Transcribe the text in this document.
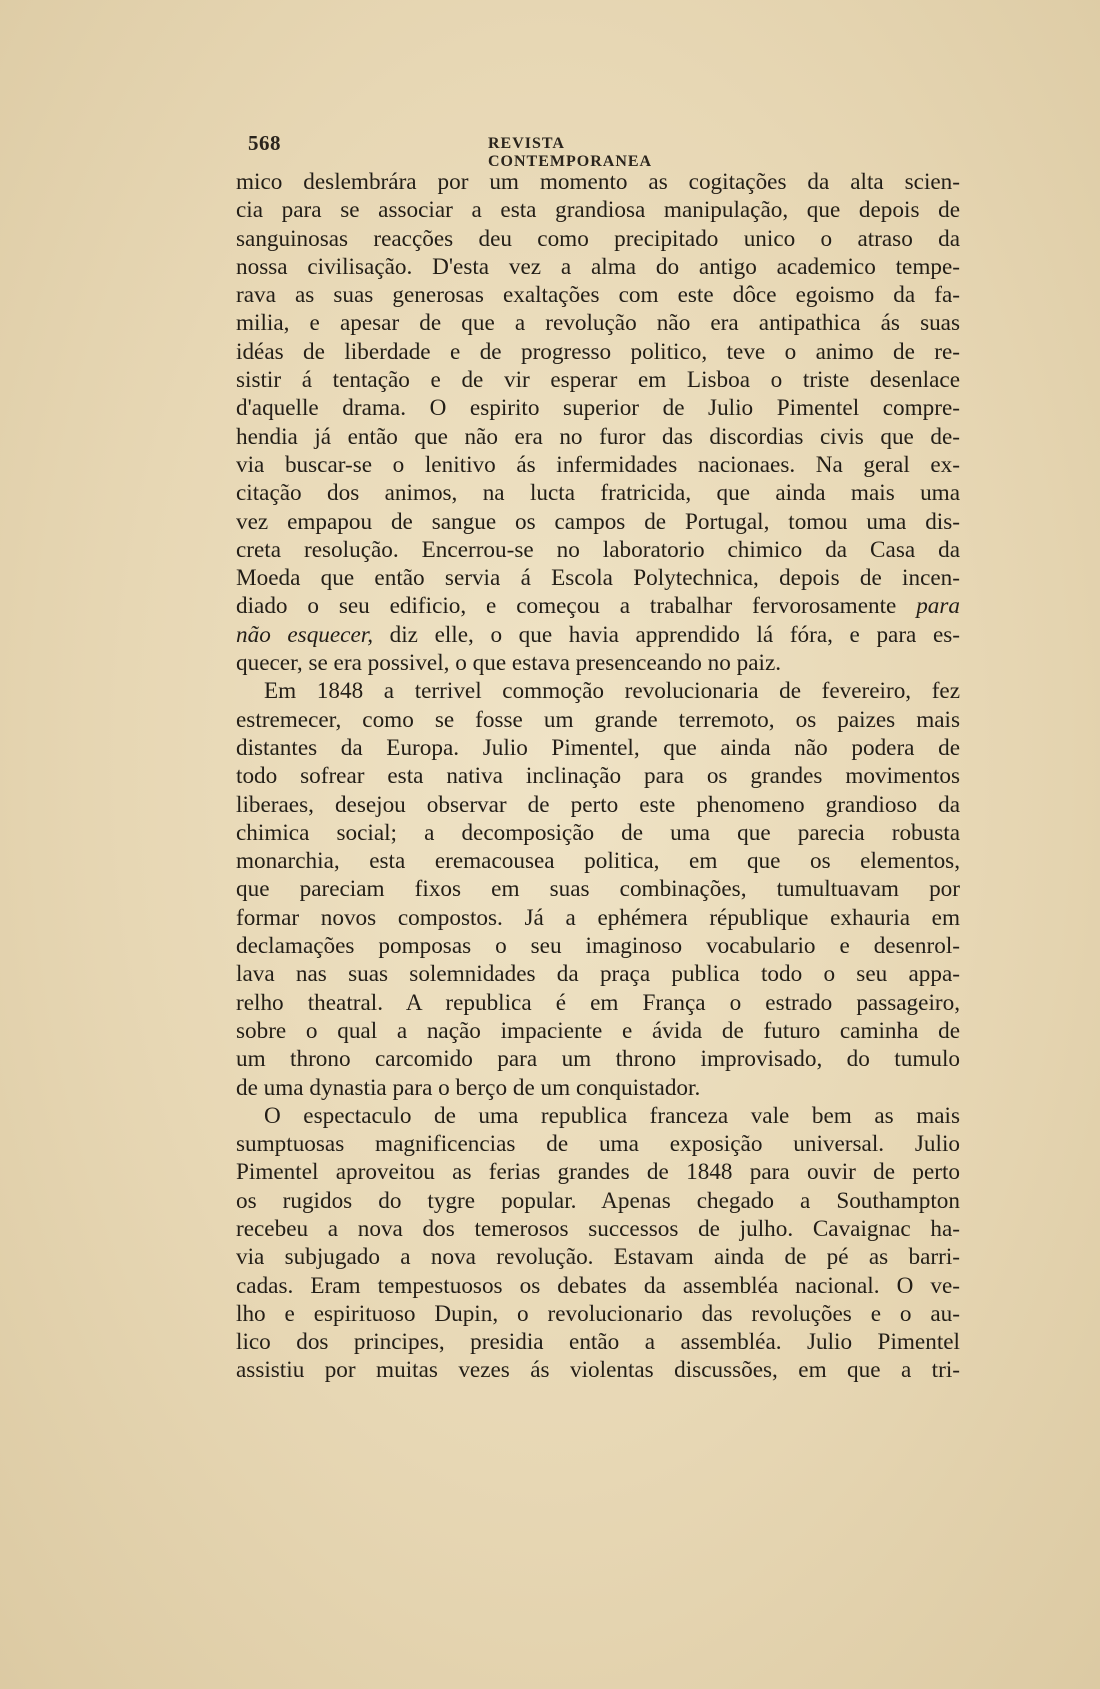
568	REVISTA CONTEMPORANEA
mico deslembrára por um momento as cogitações da alta scien-
cia para se associar a esta grandiosa manipulação, que depois de
sanguinosas reacções deu como precipitado unico o atraso da
nossa civilisação. D'esta vez a alma do antigo academico tempe-
rava as suas generosas exaltações com este dôce egoismo da fa-
milia, e apesar de que a revolução não era antipathica ás suas
idéas de liberdade e de progresso politico, teve o animo de re-
sistir á tentação e de vir esperar em Lisboa o triste desenlace
d'aquelle drama. O espirito superior de Julio Pimentel compre-
hendia já então que não era no furor das discordias civis que de-
via buscar-se o lenitivo ás infermidades nacionaes. Na geral ex-
citação dos animos, na lucta fratricida, que ainda mais uma
vez empapou de sangue os campos de Portugal, tomou uma dis-
creta resolução. Encerrou-se no laboratorio chimico da Casa da
Moeda que então servia á Escola Polytechnica, depois de incen-
diado o seu edificio, e começou a trabalhar fervorosamente para
não esquecer, diz elle, o que havia apprendido lá fóra, e para es-
quecer, se era possivel, o que estava presenceando no paiz.
Em 1848 a terrivel commoção revolucionaria de fevereiro, fez
estremecer, como se fosse um grande terremoto, os paizes mais
distantes da Europa. Julio Pimentel, que ainda não podera de
todo sofrear esta nativa inclinação para os grandes movimentos
liberaes, desejou observar de perto este phenomeno grandioso da
chimica social; a decomposição de uma que parecia robusta
monarchia, esta eremacousea politica, em que os elementos,
que pareciam fixos em suas combinações, tumultuavam por
formar novos compostos. Já a ephémera république exhauria em
declamações pomposas o seu imaginoso vocabulario e desenrol-
lava nas suas solemnidades da praça publica todo o seu appa-
relho theatral. A republica é em França o estrado passageiro,
sobre o qual a nação impaciente e ávida de futuro caminha de
um throno carcomido para um throno improvisado, do tumulo
de uma dynastia para o berço de um conquistador.
O espectaculo de uma republica franceza vale bem as mais
sumptuosas magnificencias de uma exposição universal. Julio
Pimentel aproveitou as ferias grandes de 1848 para ouvir de perto
os rugidos do tygre popular. Apenas chegado a Southampton
recebeu a nova dos temerosos successos de julho. Cavaignac ha-
via subjugado a nova revolução. Estavam ainda de pé as barri-
cadas. Eram tempestuosos os debates da assembléa nacional. O ve-
lho e espirituoso Dupin, o revolucionario das revoluções e o au-
lico dos principes, presidia então a assembléa. Julio Pimentel
assistiu por muitas vezes ás violentas discussões, em que a tri-
